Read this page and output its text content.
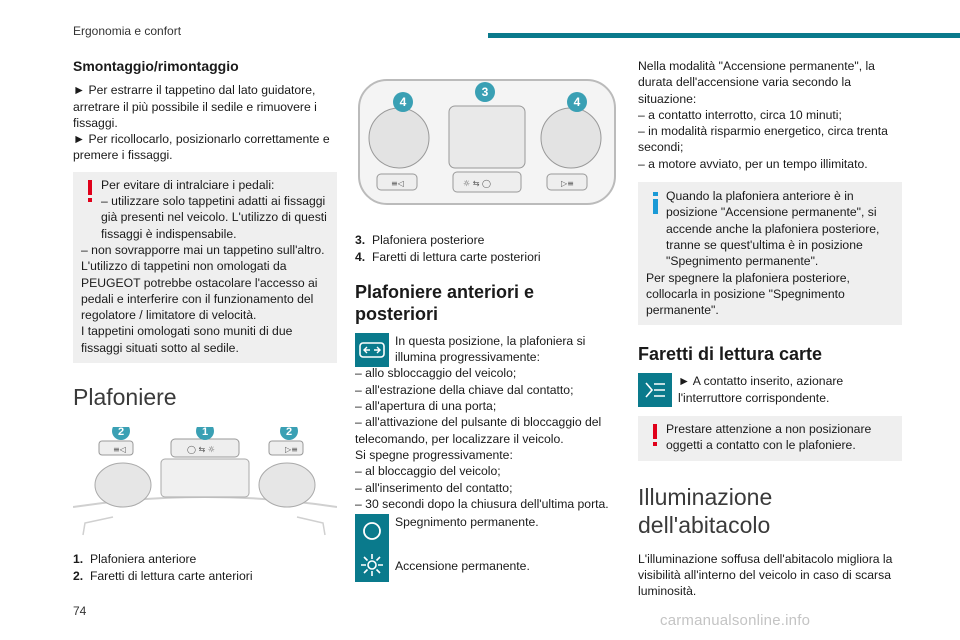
Ergonomia e confort
Smontaggio/rimontaggio

► Per estrarre il tappetino dal lato guidatore, arretrare il più possibile il sedile e rimuovere i fissaggi.

► Per ricollocarlo, posizionarlo correttamente e premere i fissaggi.

Per evitare di intralciare i pedali:

– utilizzare solo tappetini adatti ai fissaggi già presenti nel veicolo. L'utilizzo di questi fissaggi è indispensabile.

– non sovrapporre mai un tappetino sull'altro.

L'utilizzo di tappetini non omologati da PEUGEOT potrebbe ostacolare l'accesso ai pedali e interferire con il funzionamento del regolatore / limitatore di velocità.

I tappetini omologati sono muniti di due fissaggi situati sotto al sedile.

Plafoniere
≡◁	◯ ⇆ ☼	▷≡
2	1	2
1. Plafoniera anteriore
2. Faretti di lettura carte anteriori
≡◁	☼ ⇆ ◯	▷≡
4
3
4
3. Plafoniera posteriore
4. Faretti di lettura carte posteriori
Plafoniere anteriori e posteriori

In questa posizione, la plafoniera si illumina progressivamente:

– allo sbloccaggio del veicolo;

– all'estrazione della chiave dal contatto;

– all'apertura di una porta;

– all'attivazione del pulsante di bloccaggio del telecomando, per localizzare il veicolo.

Si spegne progressivamente:

– al bloccaggio del veicolo;

– all'inserimento del contatto;

– 30 secondi dopo la chiusura dell'ultima porta.

Spegnimento permanente.

Accensione permanente.

Nella modalità "Accensione permanente", la durata dell'accensione varia secondo la situazione:

– a contatto interrotto, circa 10 minuti;

– in modalità risparmio energetico, circa trenta secondi;

– a motore avviato, per un tempo illimitato.

Quando la plafoniera anteriore è in posizione "Accensione permanente", si accende anche la plafoniera posteriore, tranne se quest'ultima è in posizione "Spegnimento permanente".

Per spegnere la plafoniera posteriore, collocarla in posizione "Spegnimento permanente".

Faretti di lettura carte

► A contatto inserito, azionare l'interruttore corrispondente.

Prestare attenzione a non posizionare oggetti a contatto con le plafoniere.

Illuminazione dell'abitacolo

L'illuminazione soffusa dell'abitacolo migliora la visibilità all'interno del veicolo in caso di scarsa luminosità.

74
carmanualsonline.info
